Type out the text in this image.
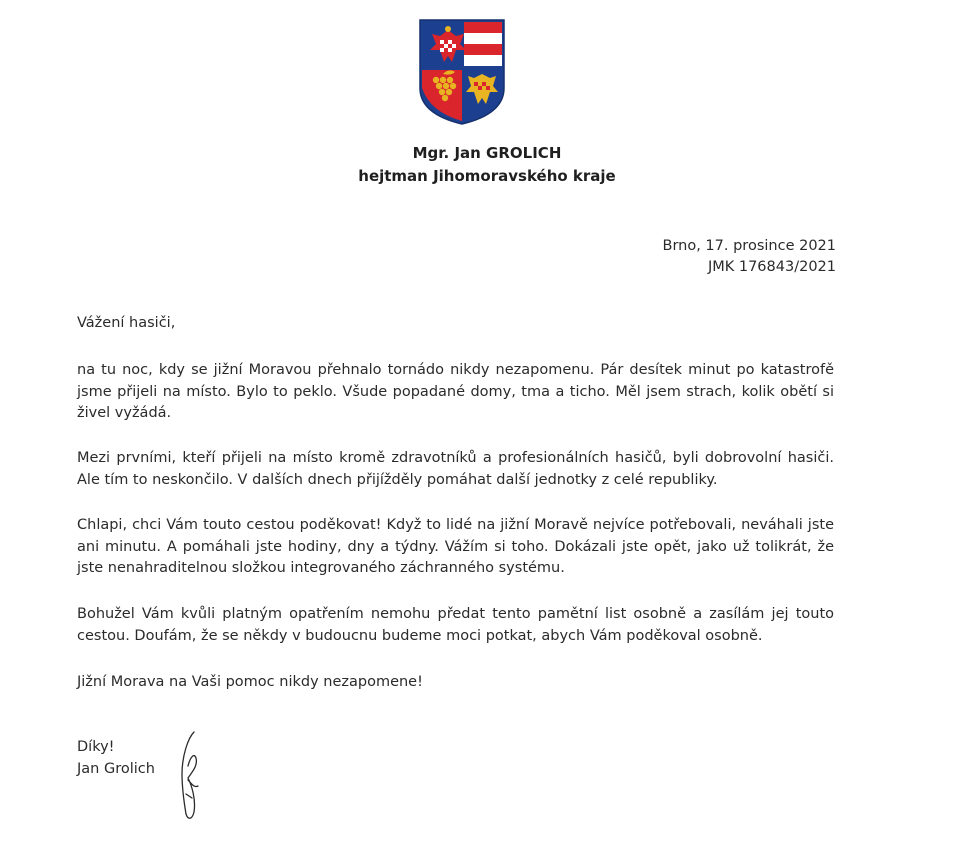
Mgr. Jan GROLICH
hejtman Jihomoravského kraje
Brno, 17. prosince 2021
JMK 176843/2021
Vážení hasiči,
na tu noc, kdy se jižní Moravou přehnalo tornádo nikdy nezapomenu. Pár desítek minut po katastrofě jsme přijeli na místo. Bylo to peklo. Všude popadané domy, tma a ticho. Měl jsem strach, kolik obětí si živel vyžádá.
Mezi prvními, kteří přijeli na místo kromě zdravotníků a profesionálních hasičů, byli dobrovolní hasiči. Ale tím to neskončilo. V dalších dnech přijížděly pomáhat další jednotky z celé republiky.
Chlapi, chci Vám touto cestou poděkovat! Když to lidé na jižní Moravě nejvíce potřebovali, neváhali jste ani minutu. A pomáhali jste hodiny, dny a týdny. Vážím si toho. Dokázali jste opět, jako už tolikrát, že jste nenahraditelnou složkou integrovaného záchranného systému.
Bohužel Vám kvůli platným opatřením nemohu předat tento pamětní list osobně a zasílám jej touto cestou. Doufám, že se někdy v budoucnu budeme moci potkat, abych Vám poděkoval osobně.
Jižní Morava na Vaši pomoc nikdy nezapomene!
Díky!
Jan Grolich
